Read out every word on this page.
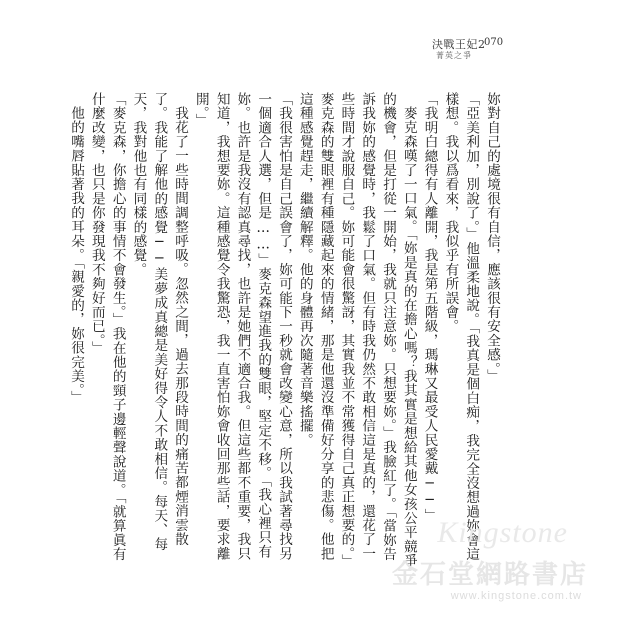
決戰王妃2
070
菁英之爭

妳對自己的處境很有自信，應該很有安全感。」

「亞美利加，別說了。」他溫柔地說。「我真是個白痴，我完全沒想過妳會這樣想。我以爲看來，我似乎有所誤會。

「我明白總得有人離開，我是第五階級，瑪琳又最受人民愛戴──」

麥克森嘆了一口氣。「妳是真的在擔心嗎？我其實是想給其他女孩公平競爭的機會，但是打從一開始，我就只注意妳。只想要妳。」我臉紅了。「當妳告訴我妳的感覺時，我鬆了口氣。但有時我仍然不敢相信這是真的，還花了一些時間才說服自己。妳可能會很驚訝，其實我並不常獲得自己真正想要的。」麥克森的雙眼裡有種隱藏起來的情緒，那是他還沒準備好分享的悲傷。他把這種感覺趕走，繼續解釋。他的身體再次隨著音樂搖擺。

「我很害怕是自己誤會了，妳可能下一秒就會改變心意，所以我試著尋找另一個適合人選，但是……」麥克森望進我的雙眼，堅定不移。「我心裡只有妳。也許是我沒有認真尋找，也許是她們不適合我。但這些都不重要，我只知道，我想要妳。這種感覺令我驚恐，我一直害怕妳會收回那些話，要求離開。」

我花了一些時間調整呼吸。忽然之間，過去那段時間的痛苦都煙消雲散了。我能了解他的感覺──美夢成真總是美好得令人不敢相信。每天、每天，我對他也有同樣的感覺。

「麥克森，你擔心的事情不會發生。」我在他的頸子邊輕聲說道。「就算眞有什麼改變，也只是你發現我不夠好而已。」

他的嘴唇貼著我的耳朵。「親愛的，妳很完美。」

Kingstone
金石堂網路書店
www.kingstone.com.tw
